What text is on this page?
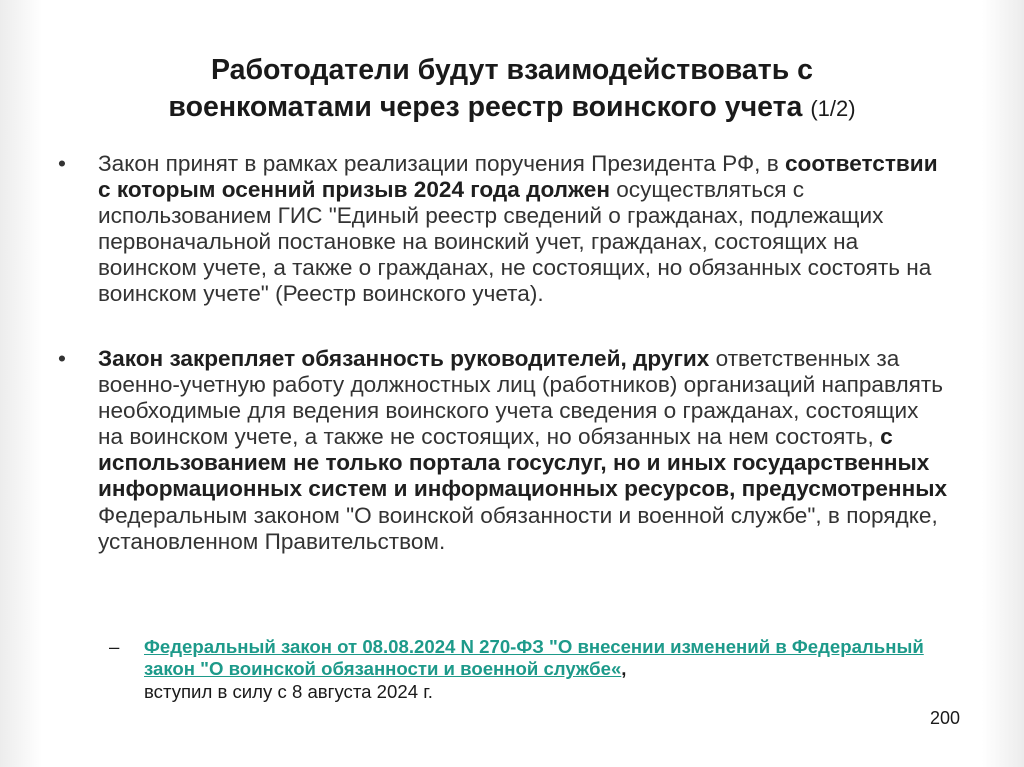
Работодатели будут взаимодействовать с
военкоматами через реестр воинского учета (1/2)
•	Закон принят в рамках реализации поручения Президента РФ, в соответствии с которым осенний призыв 2024 года должен осуществляться с использованием ГИС "Единый реестр сведений о гражданах, подлежащих первоначальной постановке на воинский учет, гражданах, состоящих на воинском учете, а также о гражданах, не состоящих, но обязанных состоять на воинском учете" (Реестр воинского учета).
•	Закон закрепляет обязанность руководителей, других ответственных за военно-учетную работу должностных лиц (работников) организаций направлять необходимые для ведения воинского учета сведения о гражданах, состоящих на воинском учете, а также не состоящих, но обязанных на нем состоять, с использованием не только портала госуслуг, но и иных государственных информационных систем и информационных ресурсов, предусмотренных Федеральным законом "О воинской обязанности и военной службе", в порядке, установленном Правительством.
– Федеральный закон от 08.08.2024 N 270-ФЗ "О внесении изменений в Федеральный закон "О воинской обязанности и военной службе«,
вступил в силу с 8 августа 2024 г.
200
